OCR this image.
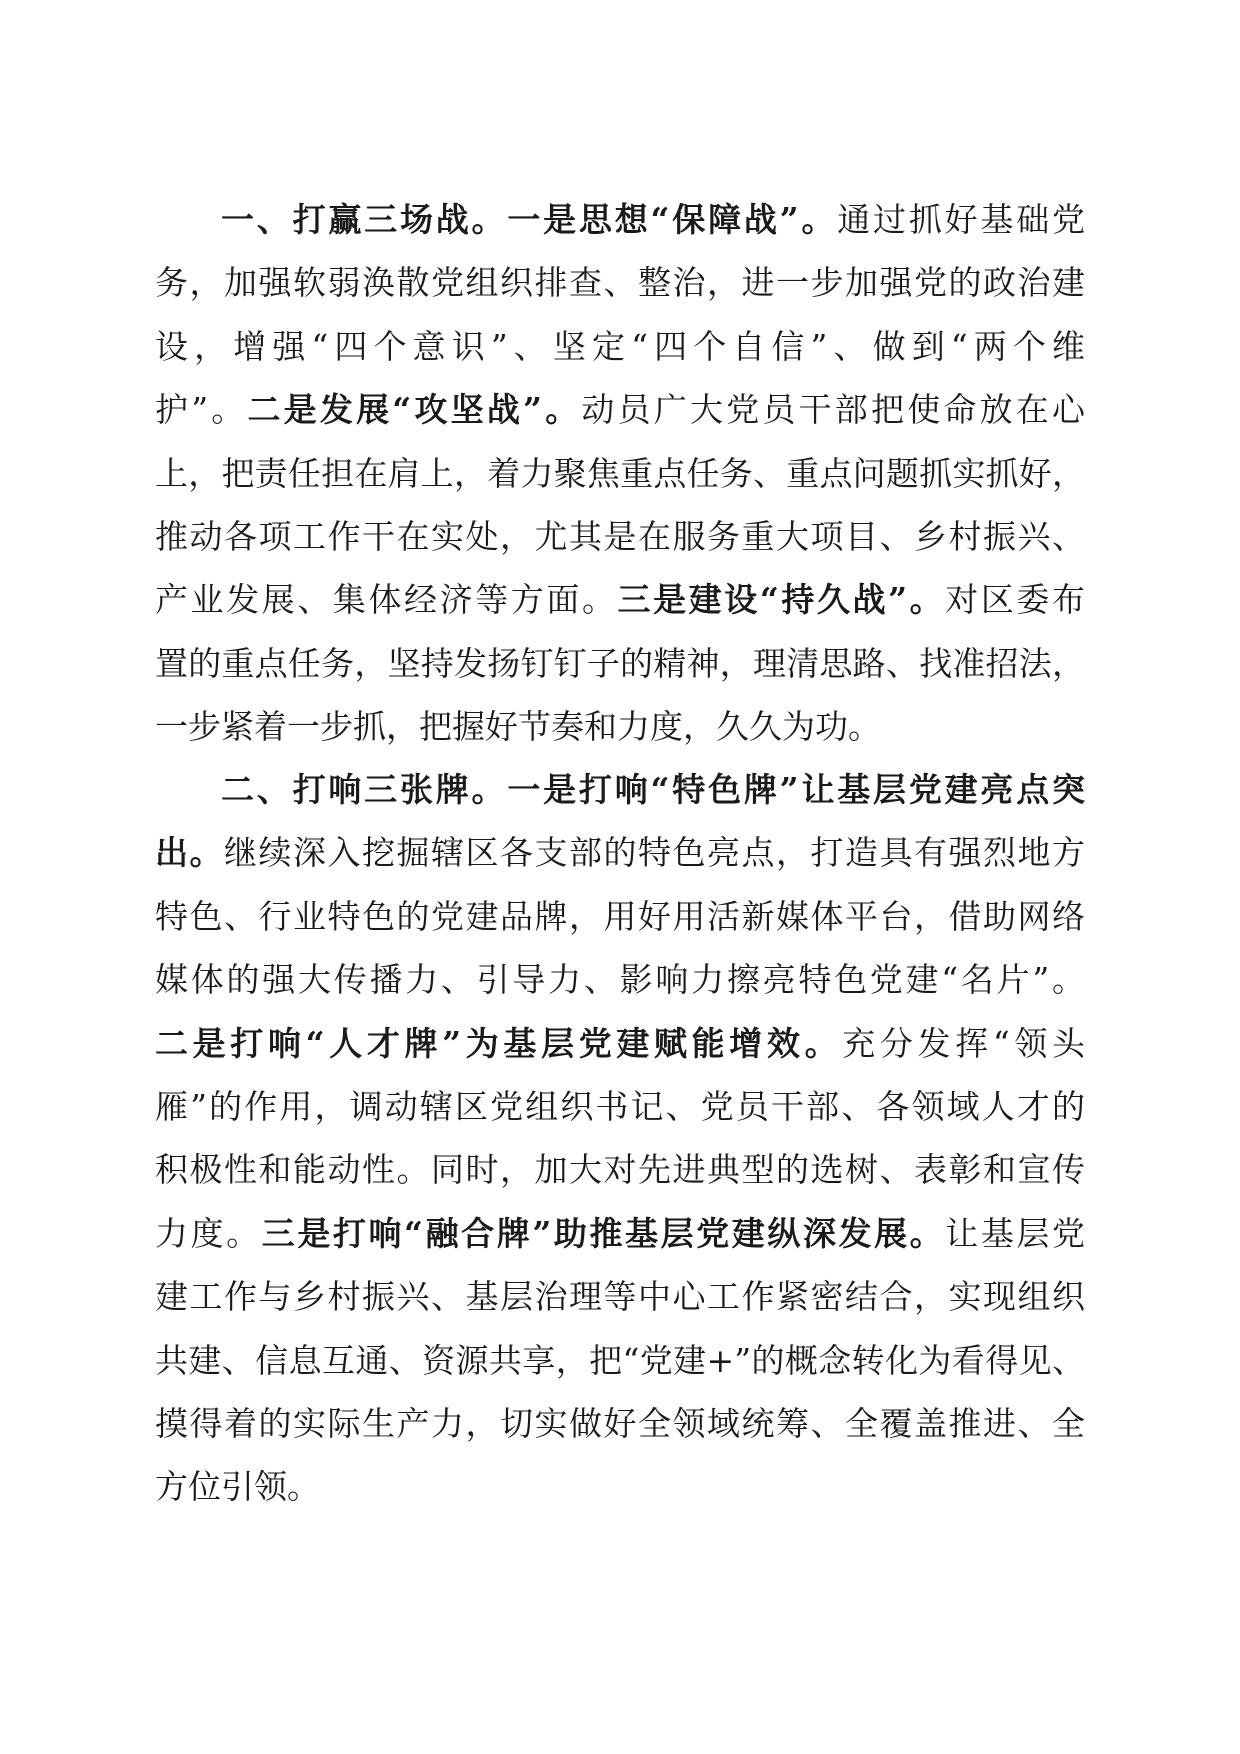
一、打赢三场战。一是思想“保障战”。通过抓好基础党
务，加强软弱涣散党组织排查、整治，进一步加强党的政治建
设，增强“四个意识”、坚定“四个自信”、做到“两个维
护”。二是发展“攻坚战”。动员广大党员干部把使命放在心
上，把责任担在肩上，着力聚焦重点任务、重点问题抓实抓好，
推动各项工作干在实处，尤其是在服务重大项目、乡村振兴、
产业发展、集体经济等方面。三是建设“持久战”。对区委布
置的重点任务，坚持发扬钉钉子的精神，理清思路、找准招法，
一步紧着一步抓，把握好节奏和力度，久久为功。
二、打响三张牌。一是打响“特色牌”让基层党建亮点突
出。继续深入挖掘辖区各支部的特色亮点，打造具有强烈地方
特色、行业特色的党建品牌，用好用活新媒体平台，借助网络
媒体的强大传播力、引导力、影响力擦亮特色党建“名片”。
二是打响“人才牌”为基层党建赋能增效。充分发挥“领头
雁”的作用，调动辖区党组织书记、党员干部、各领域人才的
积极性和能动性。同时，加大对先进典型的选树、表彰和宣传
力度。三是打响“融合牌”助推基层党建纵深发展。让基层党
建工作与乡村振兴、基层治理等中心工作紧密结合，实现组织
共建、信息互通、资源共享，把“党建+”的概念转化为看得见、
摸得着的实际生产力，切实做好全领域统筹、全覆盖推进、全
方位引领。
